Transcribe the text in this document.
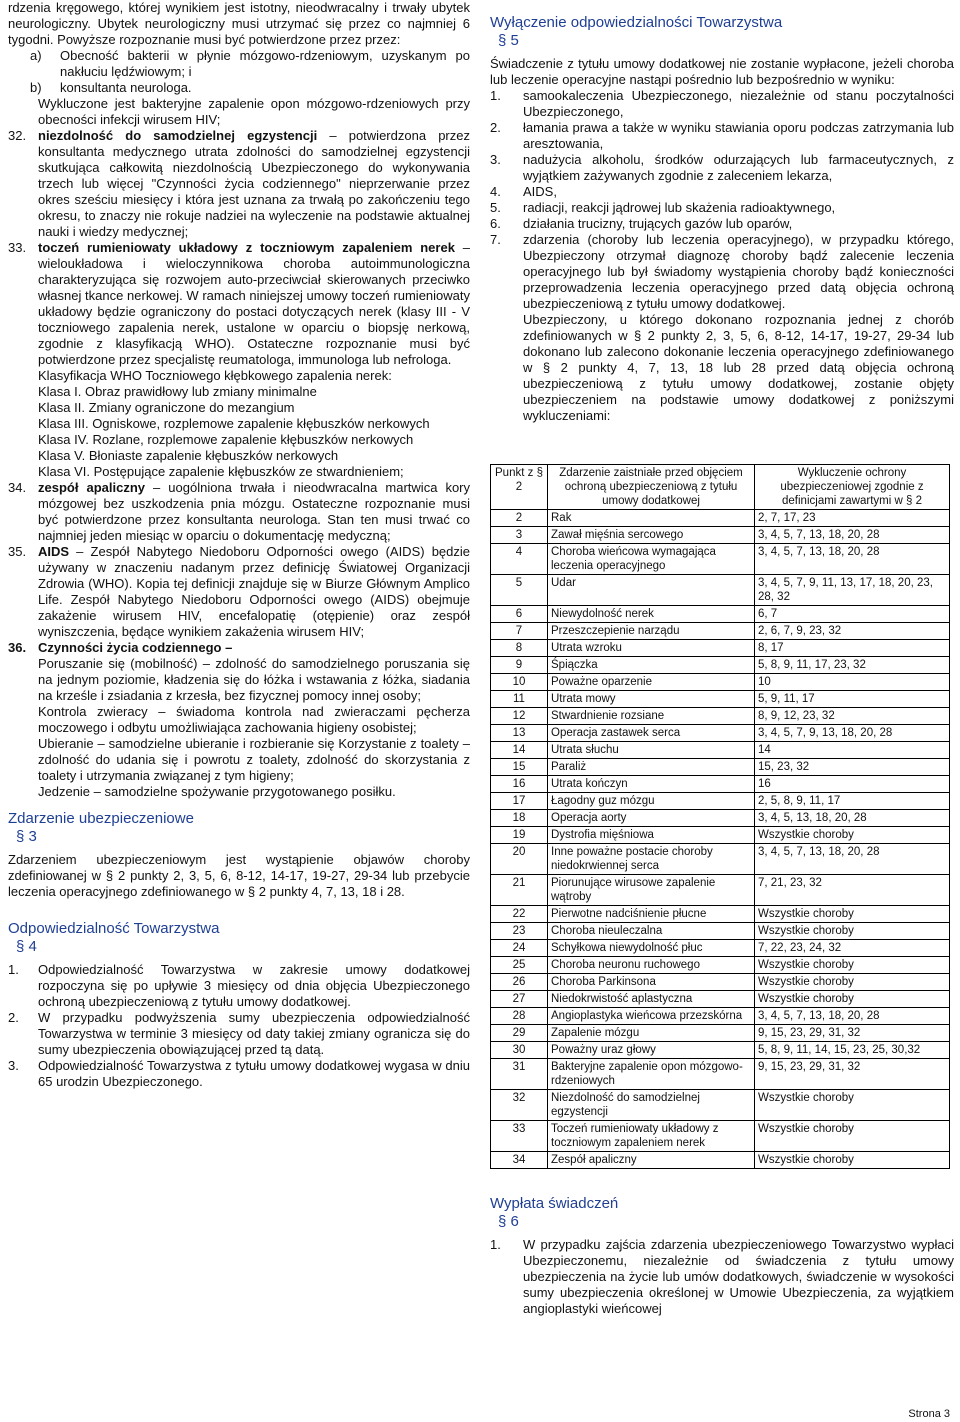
rdzenia kręgowego, której wynikiem jest istotny, nieodwracalny i trwały ubytek neurologiczny. Ubytek neurologiczny musi utrzymać się przez co najmniej 6 tygodni. Powyższe rozpoznanie musi być potwierdzone przez przez:

a) Obecność bakterii w płynie mózgowo-rdzeniowym, uzyskanym po nakłuciu lędźwiowym; i

b) konsultanta neurologa.

Wykluczone jest bakteryjne zapalenie opon mózgowo-rdzeniowych przy obecności infekcji wirusem HIV;

32. niezdolność do samodzielnej egzystencji – potwierdzona przez konsultanta medycznego utrata zdolności do samodzielnej egzystencji skutkująca całkowitą niezdolnością Ubezpieczonego do wykonywania trzech lub więcej "Czynności życia codziennego" nieprzerwanie przez okres sześciu miesięcy i która jest uznana za trwałą po zakończeniu tego okresu, to znaczy nie rokuje nadziei na wyleczenie na podstawie aktualnej nauki i wiedzy medycznej;

33. toczeń rumieniowaty układowy z toczniowym zapaleniem nerek – wieloukładowa i wieloczynnikowa choroba autoimmunologiczna charakteryzująca się rozwojem auto-przeciwciał skierowanych przeciwko własnej tkance nerkowej. W ramach niniejszej umowy toczeń rumieniowaty układowy będzie ograniczony do postaci dotyczących nerek (klasy III - V toczniowego zapalenia nerek, ustalone w oparciu o biopsję nerkową, zgodnie z klasyfikacją WHO). Ostateczne rozpoznanie musi być potwierdzone przez specjalistę reumatologa, immunologa lub nefrologa.

Klasyfikacja WHO Toczniowego kłębkowego zapalenia nerek:

Klasa I. Obraz prawidłowy lub zmiany minimalne

Klasa II. Zmiany ograniczone do mezangium

Klasa III. Ogniskowe, rozplemowe zapalenie kłębuszków nerkowych

Klasa IV. Rozlane, rozplemowe zapalenie kłębuszków nerkowych

Klasa V. Błoniaste zapalenie kłębuszków nerkowych

Klasa VI. Postępujące zapalenie kłębuszków ze stwardnieniem;

34. zespół apaliczny – uogólniona trwała i nieodwracalna martwica kory mózgowej bez uszkodzenia pnia mózgu. Ostateczne rozpoznanie musi być potwierdzone przez konsultanta neurologa. Stan ten musi trwać co najmniej jeden miesiąc w oparciu o dokumentację medyczną;

35. AIDS – Zespół Nabytego Niedoboru Odporności owego (AIDS) będzie używany w znaczeniu nadanym przez definicję Światowej Organizacji Zdrowia (WHO). Kopia tej definicji znajduje się w Biurze Głównym Amplico Life. Zespół Nabytego Niedoboru Odporności owego (AIDS) obejmuje zakażenie wirusem HIV, encefalopatię (otępienie) oraz zespół wyniszczenia, będące wynikiem zakażenia wirusem HIV;

36. Czynności życia codziennego –

Poruszanie się (mobilność) – zdolność do samodzielnego poruszania się na jednym poziomie, kładzenia się do łóżka i wstawania z łóżka, siadania na krześle i zsiadania z krzesła, bez fizycznej pomocy innej osoby;

Kontrola zwieracy – świadoma kontrola nad zwieraczami pęcherza moczowego i odbytu umożliwiająca zachowania higieny osobistej;

Ubieranie – samodzielne ubieranie i rozbieranie się Korzystanie z toalety – zdolność do udania się i powrotu z toalety, zdolność do skorzystania z toalety i utrzymania związanej z tym higieny;

Jedzenie – samodzielne spożywanie przygotowanego posiłku.

Zdarzenie ubezpieczeniowe

§ 3

Zdarzeniem ubezpieczeniowym jest wystąpienie objawów choroby zdefiniowanej w § 2 punkty 2, 3, 5, 6, 8-12, 14-17, 19-27, 29-34 lub przebycie leczenia operacyjnego zdefiniowanego w § 2 punkty 4, 7, 13, 18 i 28.

Odpowiedzialność Towarzystwa

§ 4

1. Odpowiedzialność Towarzystwa w zakresie umowy dodatkowej rozpoczyna się po upływie 3 miesięcy od dnia objęcia Ubezpieczonego ochroną ubezpieczeniową z tytułu umowy dodatkowej.

2. W przypadku podwyższenia sumy ubezpieczenia odpowiedzialność Towarzystwa w terminie 3 miesięcy od daty takiej zmiany ogranicza się do sumy ubezpieczenia obowiązującej przed tą datą.

3. Odpowiedzialność Towarzystwa z tytułu umowy dodatkowej wygasa w dniu 65 urodzin Ubezpieczonego.

Wyłączenie odpowiedzialności Towarzystwa

§ 5

Świadczenie z tytułu umowy dodatkowej nie zostanie wypłacone, jeżeli choroba lub leczenie operacyjne nastąpi pośrednio lub bezpośrednio w wyniku:

1. samookaleczenia Ubezpieczonego, niezależnie od stanu poczytalności Ubezpieczonego,

2. łamania prawa a także w wyniku stawiania oporu podczas zatrzymania lub aresztowania,

3. nadużycia alkoholu, środków odurzających lub farmaceutycznych, z wyjątkiem zażywanych zgodnie z zaleceniem lekarza,

4. AIDS,

5. radiacji, reakcji jądrowej lub skażenia radioaktywnego,

6. działania trucizny, trujących gazów lub oparów,

7. zdarzenia (choroby lub leczenia operacyjnego), w przypadku którego, Ubezpieczony otrzymał diagnozę choroby bądź zalecenie leczenia operacyjnego lub był świadomy wystąpienia choroby bądź konieczności przeprowadzenia leczenia operacyjnego przed datą objęcia ochroną ubezpieczeniową z tytułu umowy dodatkowej.

Ubezpieczony, u którego dokonano rozpoznania jednej z chorób zdefiniowanych w § 2 punkty 2, 3, 5, 6, 8-12, 14-17, 19-27, 29-34 lub dokonano lub zalecono dokonanie leczenia operacyjnego zdefiniowanego w § 2 punkty 4, 7, 13, 18 lub 28 przed datą objęcia ochroną ubezpieczeniową z tytułu umowy dodatkowej, zostanie objęty ubezpieczeniem na podstawie umowy dodatkowej z poniższymi wykluczeniami:

Punkt z § 2	Zdarzenie zaistniałe przed objęciem ochroną ubezpieczeniową z tytułu umowy dodatkowej	Wykluczenie ochrony ubezpieczeniowej zgodnie z definicjami zawartymi w § 2
2	Rak	2, 7, 17, 23
3	Zawał mięśnia sercowego	3, 4, 5, 7, 13, 18, 20, 28
4	Choroba wieńcowa wymagająca leczenia operacyjnego	3, 4, 5, 7, 13, 18, 20, 28
5	Udar	3, 4, 5, 7, 9, 11, 13, 17, 18, 20, 23, 28, 32
6	Niewydolność nerek	6, 7
7	Przeszczepienie narządu	2, 6, 7, 9, 23, 32
8	Utrata wzroku	8, 17
9	Śpiączka	5, 8, 9, 11, 17, 23, 32
10	Poważne oparzenie	10
11	Utrata mowy	5, 9, 11, 17
12	Stwardnienie rozsiane	8, 9, 12, 23, 32
13	Operacja zastawek serca	3, 4, 5, 7, 9, 13, 18, 20, 28
14	Utrata słuchu	14
15	Paraliż	15, 23, 32
16	Utrata kończyn	16
17	Łagodny guz mózgu	2, 5, 8, 9, 11, 17
18	Operacja aorty	3, 4, 5, 13, 18, 20, 28
19	Dystrofia mięśniowa	Wszystkie choroby
20	Inne poważne postacie choroby niedokrwiennej serca	3, 4, 5, 7, 13, 18, 20, 28
21	Piorunujące wirusowe zapalenie wątroby	7, 21, 23, 32
22	Pierwotne nadciśnienie płucne	Wszystkie choroby
23	Choroba nieuleczalna	Wszystkie choroby
24	Schyłkowa niewydolność płuc	7, 22, 23, 24, 32
25	Choroba neuronu ruchowego	Wszystkie choroby
26	Choroba Parkinsona	Wszystkie choroby
27	Niedokrwistość aplastyczna	Wszystkie choroby
28	Angioplastyka wieńcowa przezskórna	3, 4, 5, 7, 13, 18, 20, 28
29	Zapalenie mózgu	9, 15, 23, 29, 31, 32
30	Poważny uraz głowy	5, 8, 9, 11, 14, 15, 23, 25, 30,32
31	Bakteryjne zapalenie opon mózgowo-rdzeniowych	9, 15, 23, 29, 31, 32
32	Niezdolność do samodzielnej egzystencji	Wszystkie choroby
33	Toczeń rumieniowaty układowy z toczniowym zapaleniem nerek	Wszystkie choroby
34	Zespół apaliczny	Wszystkie choroby

Wypłata świadczeń

§ 6

1. W przypadku zajścia zdarzenia ubezpieczeniowego Towarzystwo wypłaci Ubezpieczonemu, niezależnie od świadczenia z tytułu umowy ubezpieczenia na życie lub umów dodatkowych, świadczenie w wysokości sumy ubezpieczenia określonej w Umowie Ubezpieczenia, za wyjątkiem angioplastyki wieńcowej

Strona 3
